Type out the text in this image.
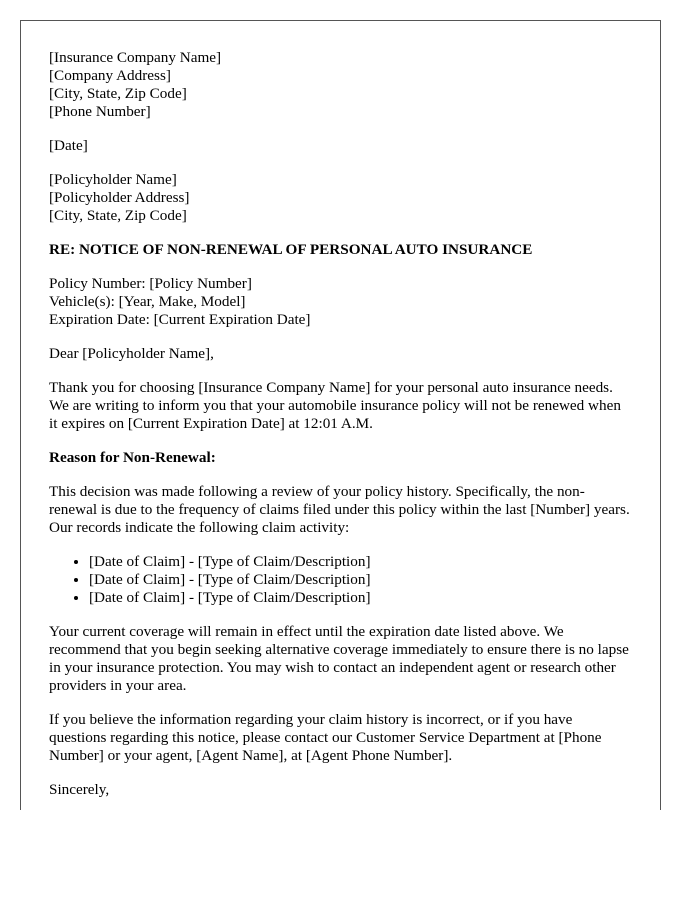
[Insurance Company Name]
[Company Address]
[City, State, Zip Code]
[Phone Number]
[Date]
[Policyholder Name]
[Policyholder Address]
[City, State, Zip Code]
RE: NOTICE OF NON-RENEWAL OF PERSONAL AUTO INSURANCE
Policy Number: [Policy Number]
Vehicle(s): [Year, Make, Model]
Expiration Date: [Current Expiration Date]

Dear [Policyholder Name],

Thank you for choosing [Insurance Company Name] for your personal auto insurance needs. We are writing to inform you that your automobile insurance policy will not be renewed when it expires on [Current Expiration Date] at 12:01 A.M.

Reason for Non-Renewal:

This decision was made following a review of your policy history. Specifically, the non-renewal is due to the frequency of claims filed under this policy within the last [Number] years. Our records indicate the following claim activity:

• [Date of Claim] - [Type of Claim/Description]
• [Date of Claim] - [Type of Claim/Description]
• [Date of Claim] - [Type of Claim/Description]

Your current coverage will remain in effect until the expiration date listed above. We recommend that you begin seeking alternative coverage immediately to ensure there is no lapse in your insurance protection. You may wish to contact an independent agent or research other providers in your area.

If you believe the information regarding your claim history is incorrect, or if you have questions regarding this notice, please contact our Customer Service Department at [Phone Number] or your agent, [Agent Name], at [Agent Phone Number].

Sincerely,
